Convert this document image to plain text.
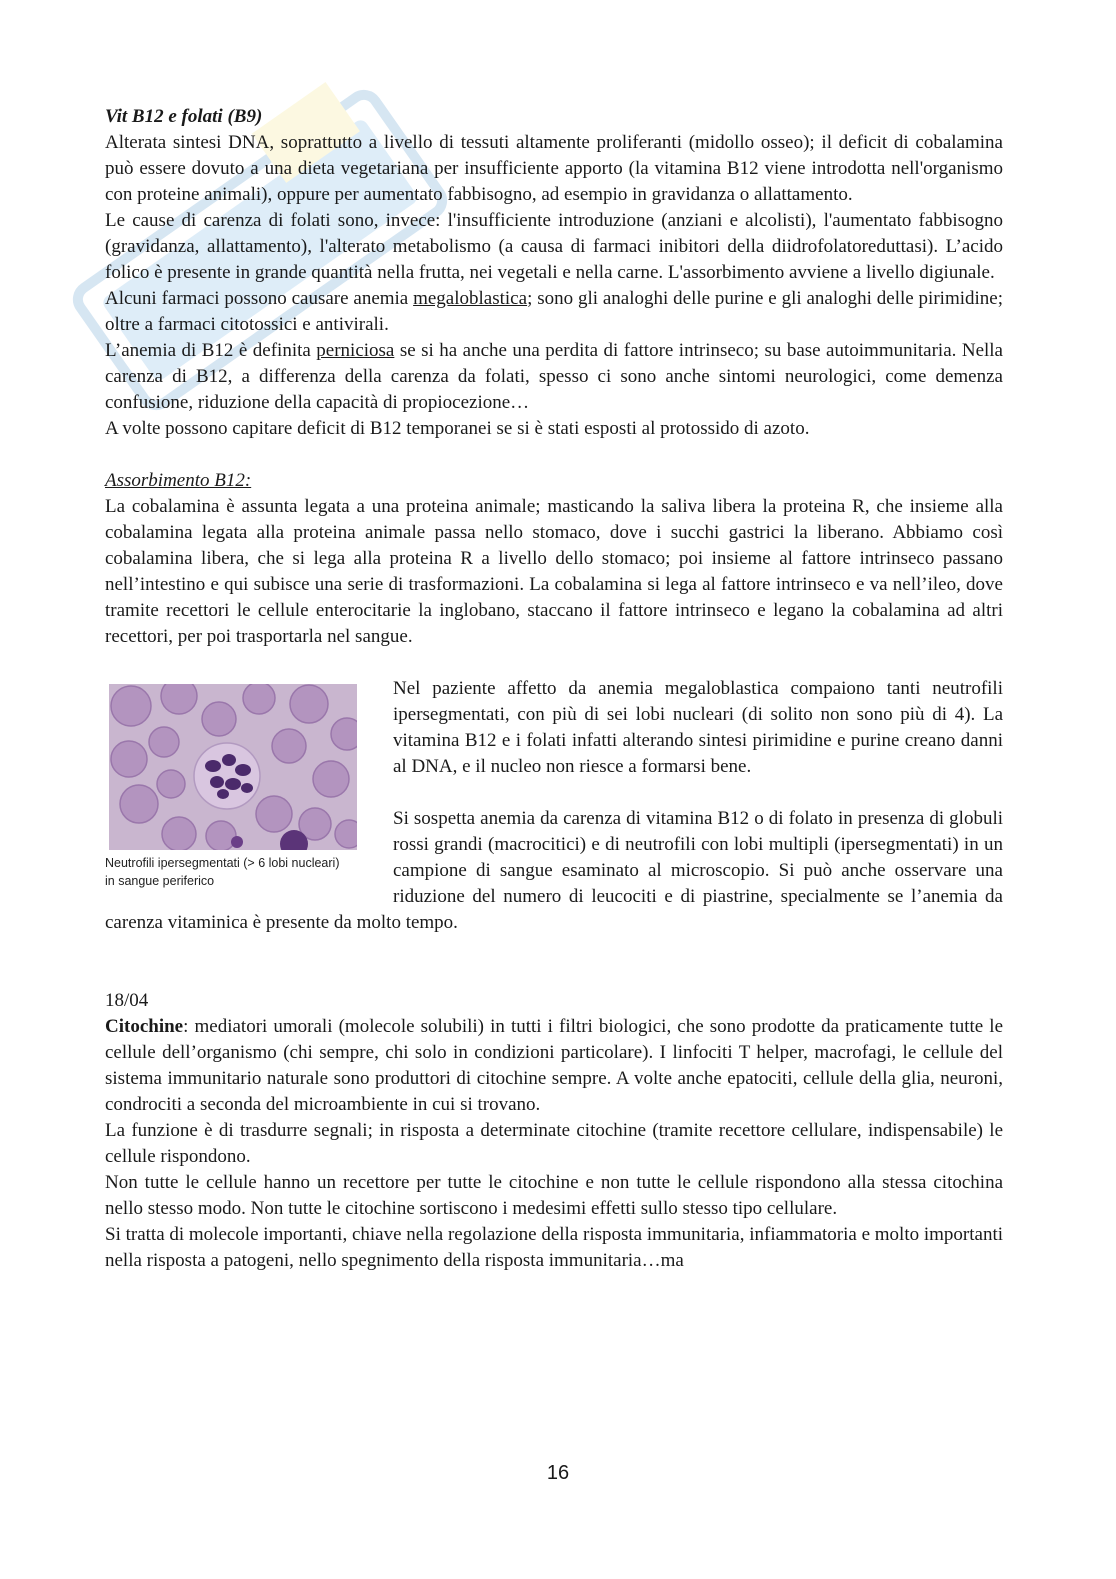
Vit B12 e folati (B9)

Alterata sintesi DNA, soprattutto a livello di tessuti altamente proliferanti (midollo osseo); il deficit di cobalamina può essere dovuto a una dieta vegetariana per insufficiente apporto (la vitamina B12 viene introdotta nell'organismo con proteine animali), oppure per aumentato fabbisogno, ad esempio in gravidanza o allattamento.

Le cause di carenza di folati sono, invece: l'insufficiente introduzione (anziani e alcolisti), l'aumentato fabbisogno (gravidanza, allattamento), l'alterato metabolismo (a causa di farmaci inibitori della diidrofolatoreduttasi). L’acido folico è presente in grande quantità nella frutta, nei vegetali e nella carne. L'assorbimento avviene a livello digiunale.

Alcuni farmaci possono causare anemia megaloblastica; sono gli analoghi delle purine e gli analoghi delle pirimidine; oltre a farmaci citotossici e antivirali.

L’anemia di B12 è definita perniciosa se si ha anche una perdita di fattore intrinseco; su base autoimmunitaria. Nella carenza di B12, a differenza della carenza da folati, spesso ci sono anche sintomi neurologici, come demenza confusione, riduzione della capacità di propiocezione…

A volte possono capitare deficit di B12 temporanei se si è stati esposti al protossido di azoto.

Assorbimento B12:

La cobalamina è assunta legata a una proteina animale; masticando la saliva libera la proteina R, che insieme alla cobalamina legata alla proteina animale passa nello stomaco, dove i succhi gastrici la liberano. Abbiamo così cobalamina libera, che si lega alla proteina R a livello dello stomaco; poi insieme al fattore intrinseco passano nell’intestino e qui subisce una serie di trasformazioni. La cobalamina si lega al fattore intrinseco e va nell’ileo, dove tramite recettori le cellule enterocitarie la inglobano, staccano il fattore intrinseco e legano la cobalamina ad altri recettori, per poi trasportarla nel sangue.

Neutrofili ipersegmentati (> 6 lobi nucleari)
in sangue periferico

Nel paziente affetto da anemia megaloblastica compaiono tanti neutrofili ipersegmentati, con più di sei lobi nucleari (di solito non sono più di 4). La vitamina B12 e i folati infatti alterando sintesi pirimidine e purine creano danni al DNA, e il nucleo non riesce a formarsi bene.

Si sospetta anemia da carenza di vitamina B12 o di folato in presenza di globuli rossi grandi (macrocitici) e di neutrofili con lobi multipli (ipersegmentati) in un campione di sangue esaminato al microscopio. Si può anche osservare una riduzione del numero di leucociti e di piastrine, specialmente se l’anemia da carenza vitaminica è presente da molto tempo.

18/04

Citochine: mediatori umorali (molecole solubili) in tutti i filtri biologici, che sono prodotte da praticamente tutte le cellule dell’organismo (chi sempre, chi solo in condizioni particolare). I linfociti T helper, macrofagi, le cellule del sistema immunitario naturale sono produttori di citochine sempre. A volte anche epatociti, cellule della glia, neuroni, condrociti a seconda del microambiente in cui si trovano.

La funzione è di trasdurre segnali; in risposta a determinate citochine (tramite recettore cellulare, indispensabile) le cellule rispondono.

Non tutte le cellule hanno un recettore per tutte le citochine e non tutte le cellule rispondono alla stessa citochina nello stesso modo. Non tutte le citochine sortiscono i medesimi effetti sullo stesso tipo cellulare.

Si tratta di molecole importanti, chiave nella regolazione della risposta immunitaria, infiammatoria e molto importanti nella risposta a patogeni, nello spegnimento della risposta immunitaria…ma

16
